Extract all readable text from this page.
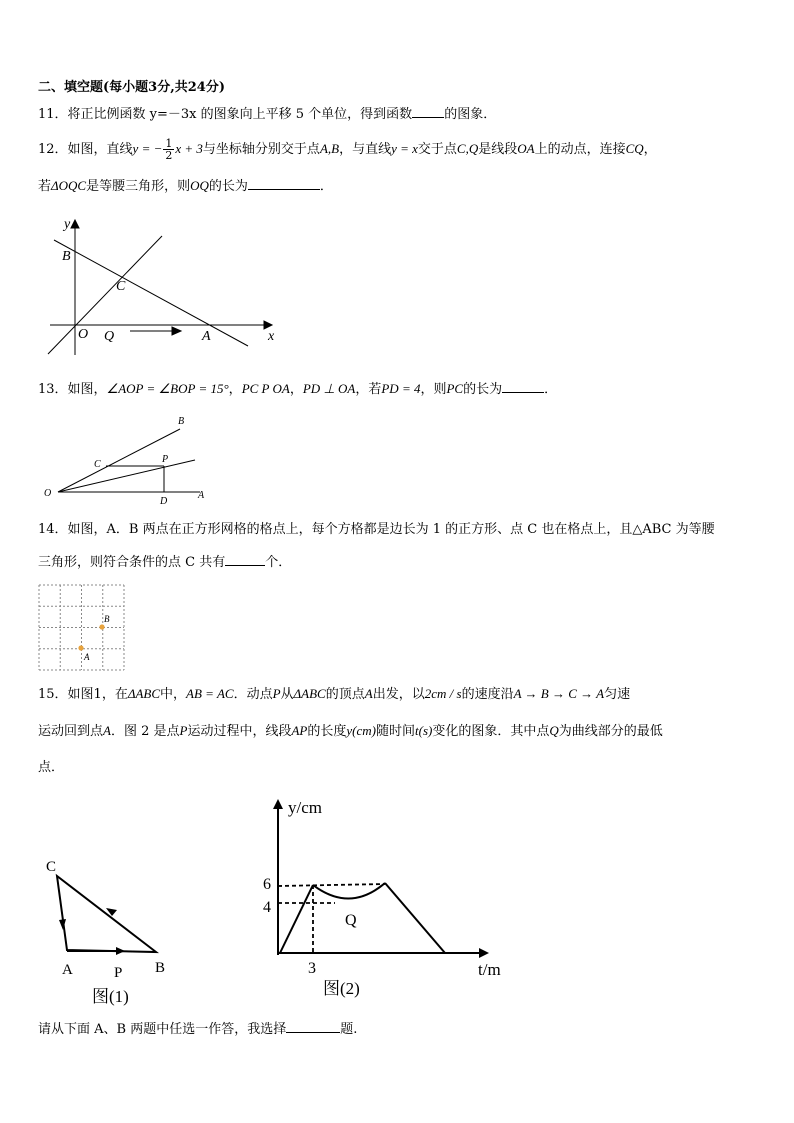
二、填空题(每小题3分,共24分)
11．将正比例函数 y=－3x 的图象向上平移 5 个单位，得到函数 的图象．
12．如图，直线y = − $\frac{1}{2}$ x + 3与坐标轴分别交于点A,B，与直线y = x交于点C,Q是线段OA上的动点，连接CQ，
若ΔOQC是等腰三角形，则OQ的长为	．
y
x
B
C
O Q	A
13．如图，∠AOP = ∠BOP = 15°，PC P OA，PD ⊥ OA，若PD = 4，则PC的长为	．
B
C	P
O
D
A
14．如图，A．B 两点在正方形网格的格点上，每个方格都是边长为 1 的正方形、点 C 也在格点上，且△ABC 为等腰
三角形，则符合条件的点 C 共有	个．
A
B
15．如图1，在ΔABC中，AB = AC．动点P从ΔABC的顶点A出发，以2cm / s的速度沿A → B → C → A匀速
运动回到点A．图 2 是点P运动过程中，线段AP的长度y(cm)随时间t(s)变化的图象．其中点Q为曲线部分的最低
点．
C
A	P B
图(1)
y/cm
t/m
6
4
3
Q
图(2)
请从下面 A、B 两题中任选一作答，我选择	题.
